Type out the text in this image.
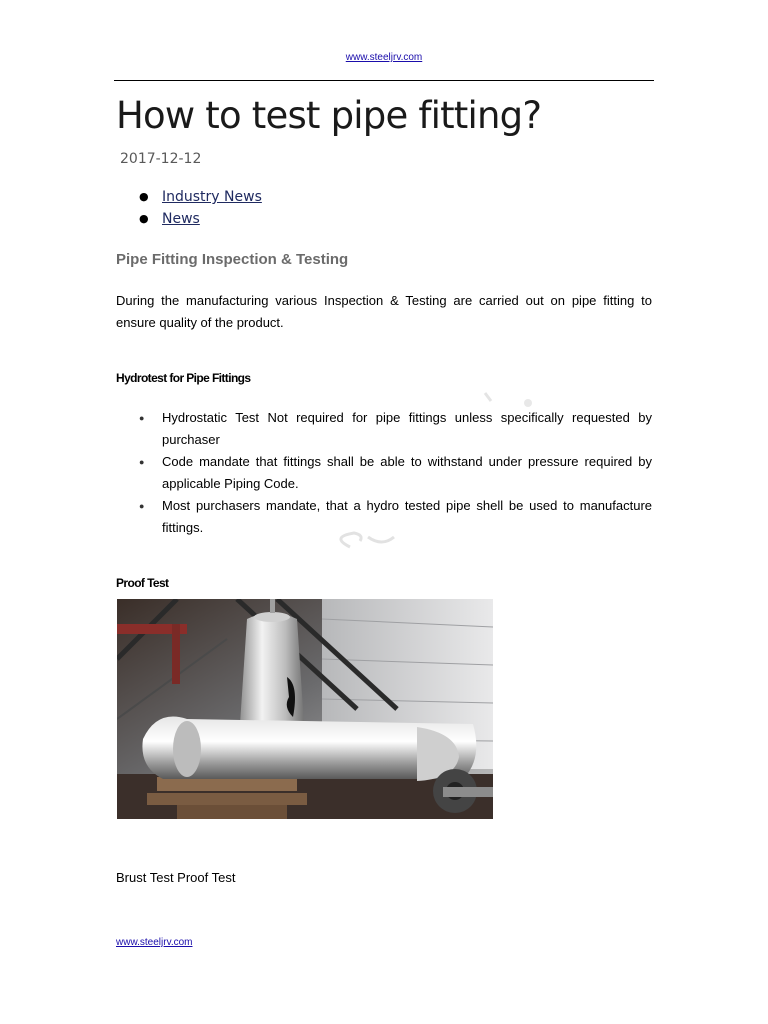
www.steeljrv.com
How to test pipe fitting?
2017-12-12
● Industry News
● News
Pipe Fitting Inspection & Testing
During the manufacturing various Inspection & Testing are carried out on pipe fitting to ensure quality of the product.
Hydrotest for Pipe Fittings
● Hydrostatic Test Not required for pipe fittings unless specifically requested by purchaser
● Code mandate that fittings shall be able to withstand under pressure required by applicable Piping Code.
● Most purchasers mandate, that a hydro tested pipe shell be used to manufacture fittings.
Proof Test
Brust Test Proof Test
www.steeljrv.com
